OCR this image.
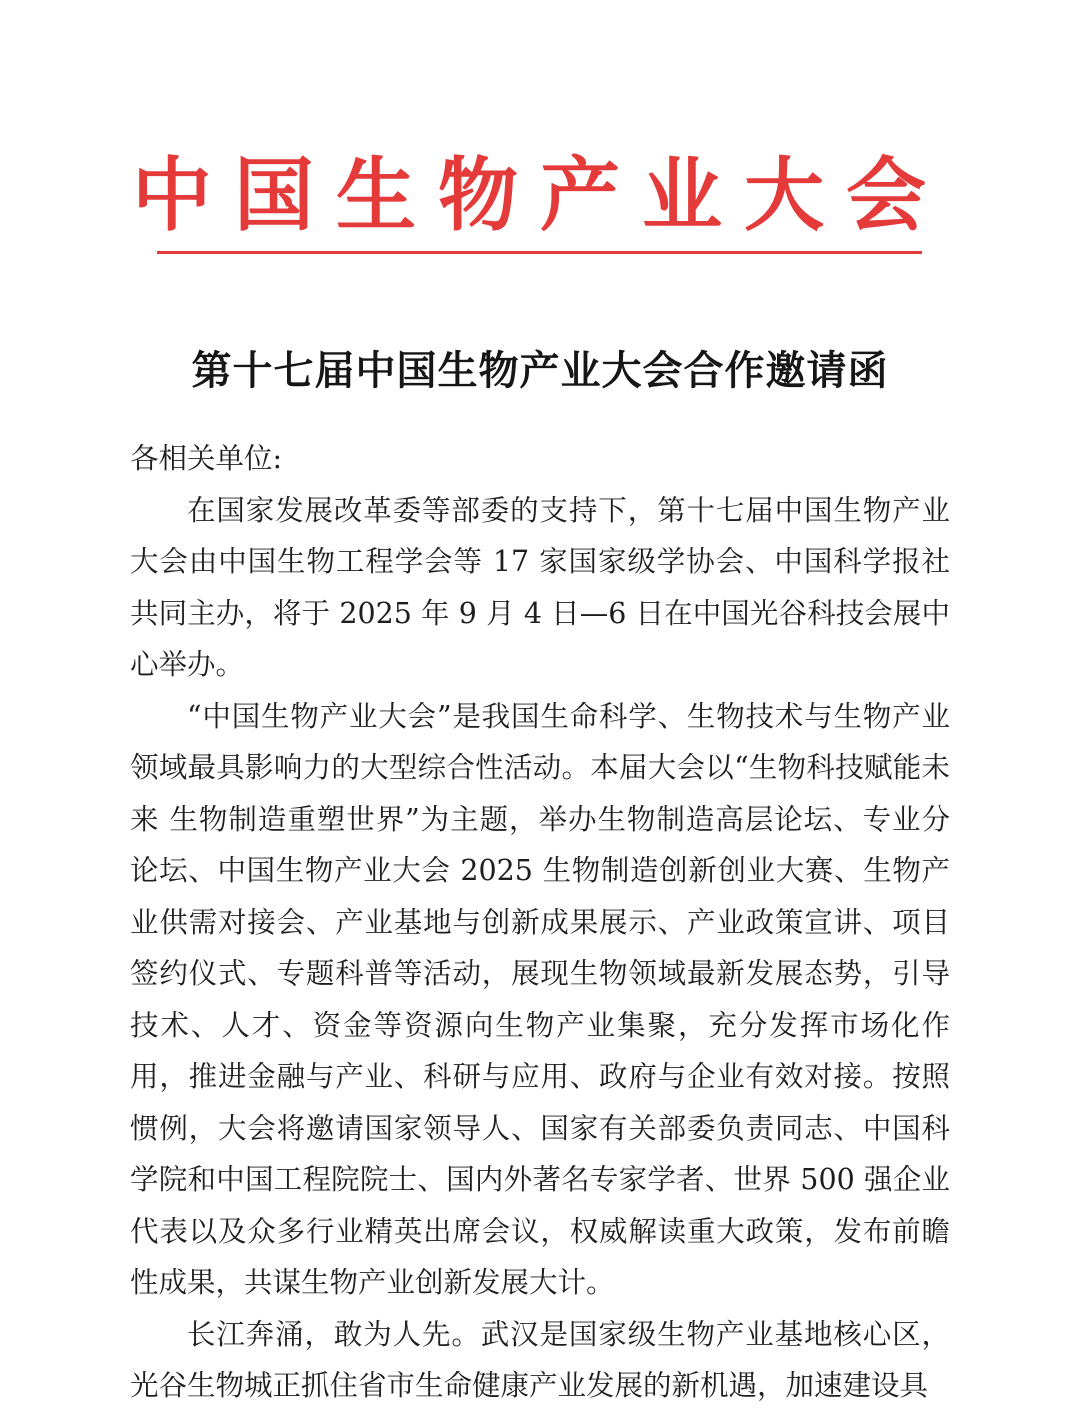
中国生物产业大会
第十七届中国生物产业大会合作邀请函

各相关单位:

在国家发展改革委等部委的支持下，第十七届中国生物产业大会由中国生物工程学会等 17 家国家级学协会、中国科学报社共同主办，将于 2025 年 9 月 4 日—6 日在中国光谷科技会展中心举办。

“中国生物产业大会”是我国生命科学、生物技术与生物产业领域最具影响力的大型综合性活动。本届大会以“生物科技赋能未来 生物制造重塑世界”为主题，举办生物制造高层论坛、专业分论坛、中国生物产业大会 2025 生物制造创新创业大赛、生物产业供需对接会、产业基地与创新成果展示、产业政策宣讲、项目签约仪式、专题科普等活动，展现生物领域最新发展态势，引导技术、人才、资金等资源向生物产业集聚，充分发挥市场化作用，推进金融与产业、科研与应用、政府与企业有效对接。按照惯例，大会将邀请国家领导人、国家有关部委负责同志、中国科学院和中国工程院院士、国内外著名专家学者、世界 500 强企业代表以及众多行业精英出席会议，权威解读重大政策，发布前瞻性成果，共谋生物产业创新发展大计。

长江奔涌，敢为人先。武汉是国家级生物产业基地核心区，光谷生物城正抓住省市生命健康产业发展的新机遇，加速建设具
